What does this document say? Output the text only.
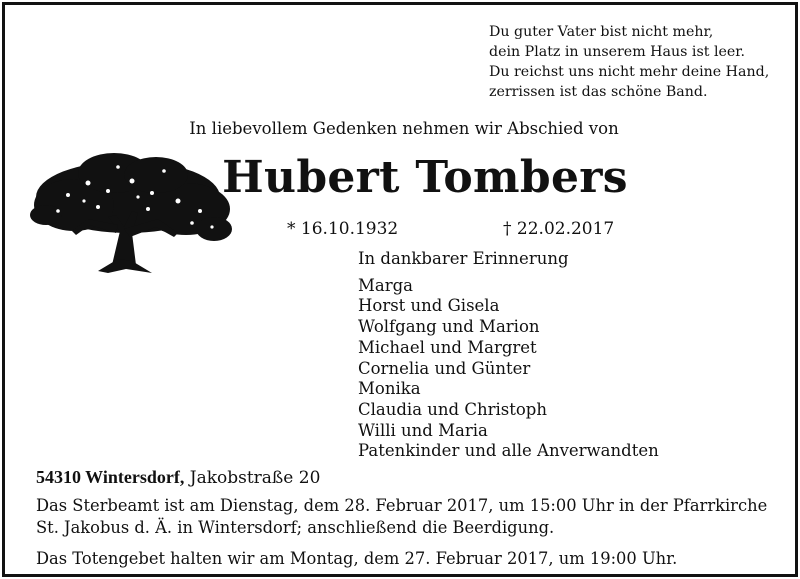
Du guter Vater bist nicht mehr,
dein Platz in unserem Haus ist leer.
Du reichst uns nicht mehr deine Hand,
zerrissen ist das schöne Band.
In liebevollem Gedenken nehmen wir Abschied von
Hubert Tombers
* 16.10.1932	† 22.02.2017
In dankbarer Erinnerung
Marga
Horst und Gisela
Wolfgang und Marion
Michael und Margret
Cornelia und Günter
Monika
Claudia und Christoph
Willi und Maria
Patenkinder und alle Anverwandten
54310 Wintersdorf, Jakobstraße 20

Das Sterbeamt ist am Dienstag, dem 28. Februar 2017, um 15:00 Uhr in der Pfarrkirche

St. Jakobus d. Ä. in Wintersdorf; anschließend die Beerdigung.

Das Totengebet halten wir am Montag, dem 27. Februar 2017, um 19:00 Uhr.
